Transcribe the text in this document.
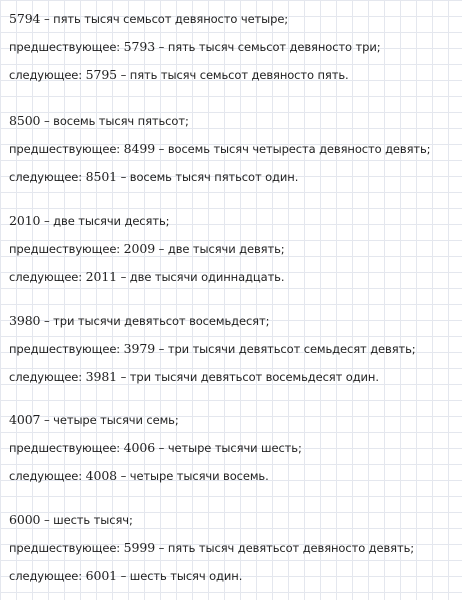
5794 – пять тысяч семьсот девяносто четыре;
предшествующее: 5793 – пять тысяч семьсот девяносто три;
следующее: 5795 – пять тысяч семьсот девяносто пять.
8500 – восемь тысяч пятьсот;
предшествующее: 8499 – восемь тысяч четыреста девяносто девять;
следующее: 8501 – восемь тысяч пятьсот один.
2010 – две тысячи десять;
предшествующее: 2009 – две тысячи девять;
следующее: 2011 – две тысячи одиннадцать.
3980 – три тысячи девятьсот восемьдесят;
предшествующее: 3979 – три тысячи девятьсот семьдесят девять;
следующее: 3981 – три тысячи девятьсот восемьдесят один.
4007 – четыре тысячи семь;
предшествующее: 4006 – четыре тысячи шесть;
следующее: 4008 – четыре тысячи восемь.
6000 – шесть тысяч;
предшествующее: 5999 – пять тысяч девятьсот девяносто девять;
следующее: 6001 – шесть тысяч один.
